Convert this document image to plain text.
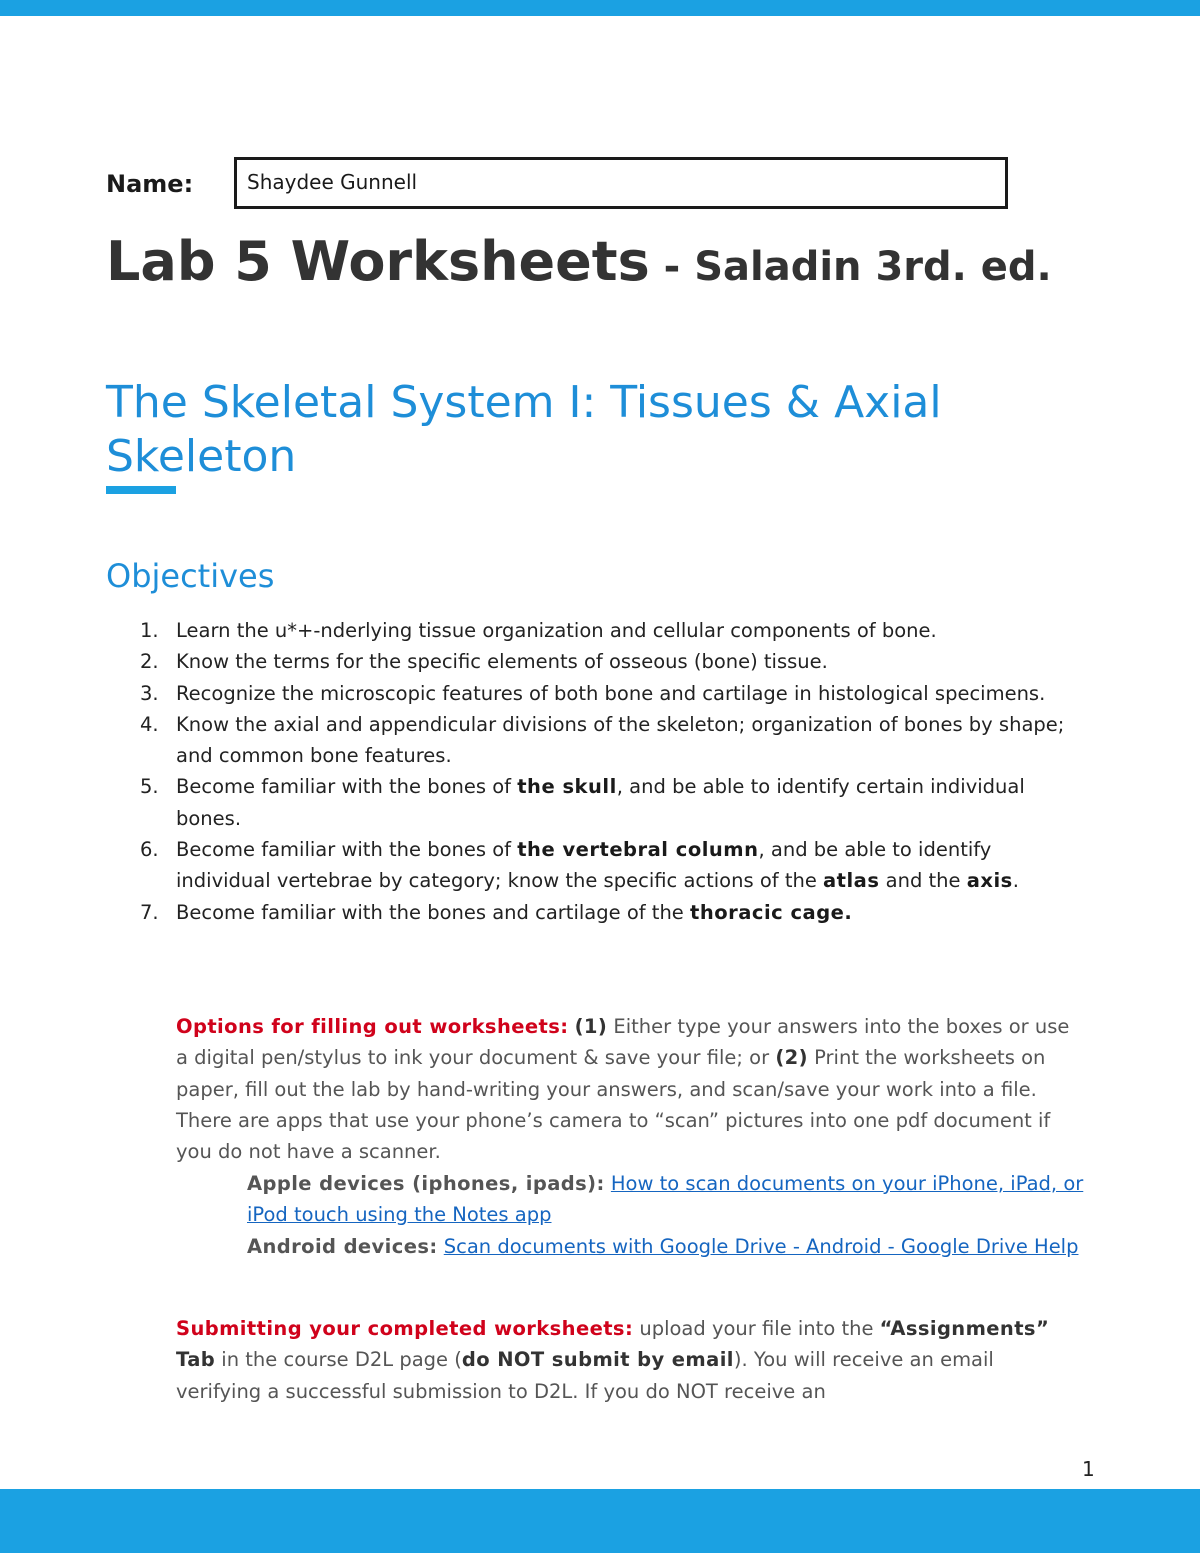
Name:	Shaydee Gunnell
Lab 5 Worksheets - Saladin 3rd. ed.
The Skeletal System I: Tissues & Axial Skeleton
Objectives
1. Learn the u*+-nderlying tissue organization and cellular components of bone.
2. Know the terms for the specific elements of osseous (bone) tissue.
3. Recognize the microscopic features of both bone and cartilage in histological specimens.
4. Know the axial and appendicular divisions of the skeleton; organization of bones by shape; and common bone features.
5. Become familiar with the bones of the skull, and be able to identify certain individual bones.
6. Become familiar with the bones of the vertebral column, and be able to identify individual vertebrae by category; know the specific actions of the atlas and the axis.
7. Become familiar with the bones and cartilage of the thoracic cage.

Options for filling out worksheets: (1) Either type your answers into the boxes or use a digital pen/stylus to ink your document & save your file; or (2) Print the worksheets on paper, fill out the lab by hand-writing your answers, and scan/save your work into a file. There are apps that use your phone’s camera to “scan” pictures into one pdf document if you do not have a scanner.

Apple devices (iphones, ipads): How to scan documents on your iPhone, iPad, or iPod touch using the Notes app

Android devices: Scan documents with Google Drive - Android - Google Drive Help

Submitting your completed worksheets: upload your file into the “Assignments” Tab in the course D2L page (do NOT submit by email). You will receive an email verifying a successful submission to D2L. If you do NOT receive an

1
